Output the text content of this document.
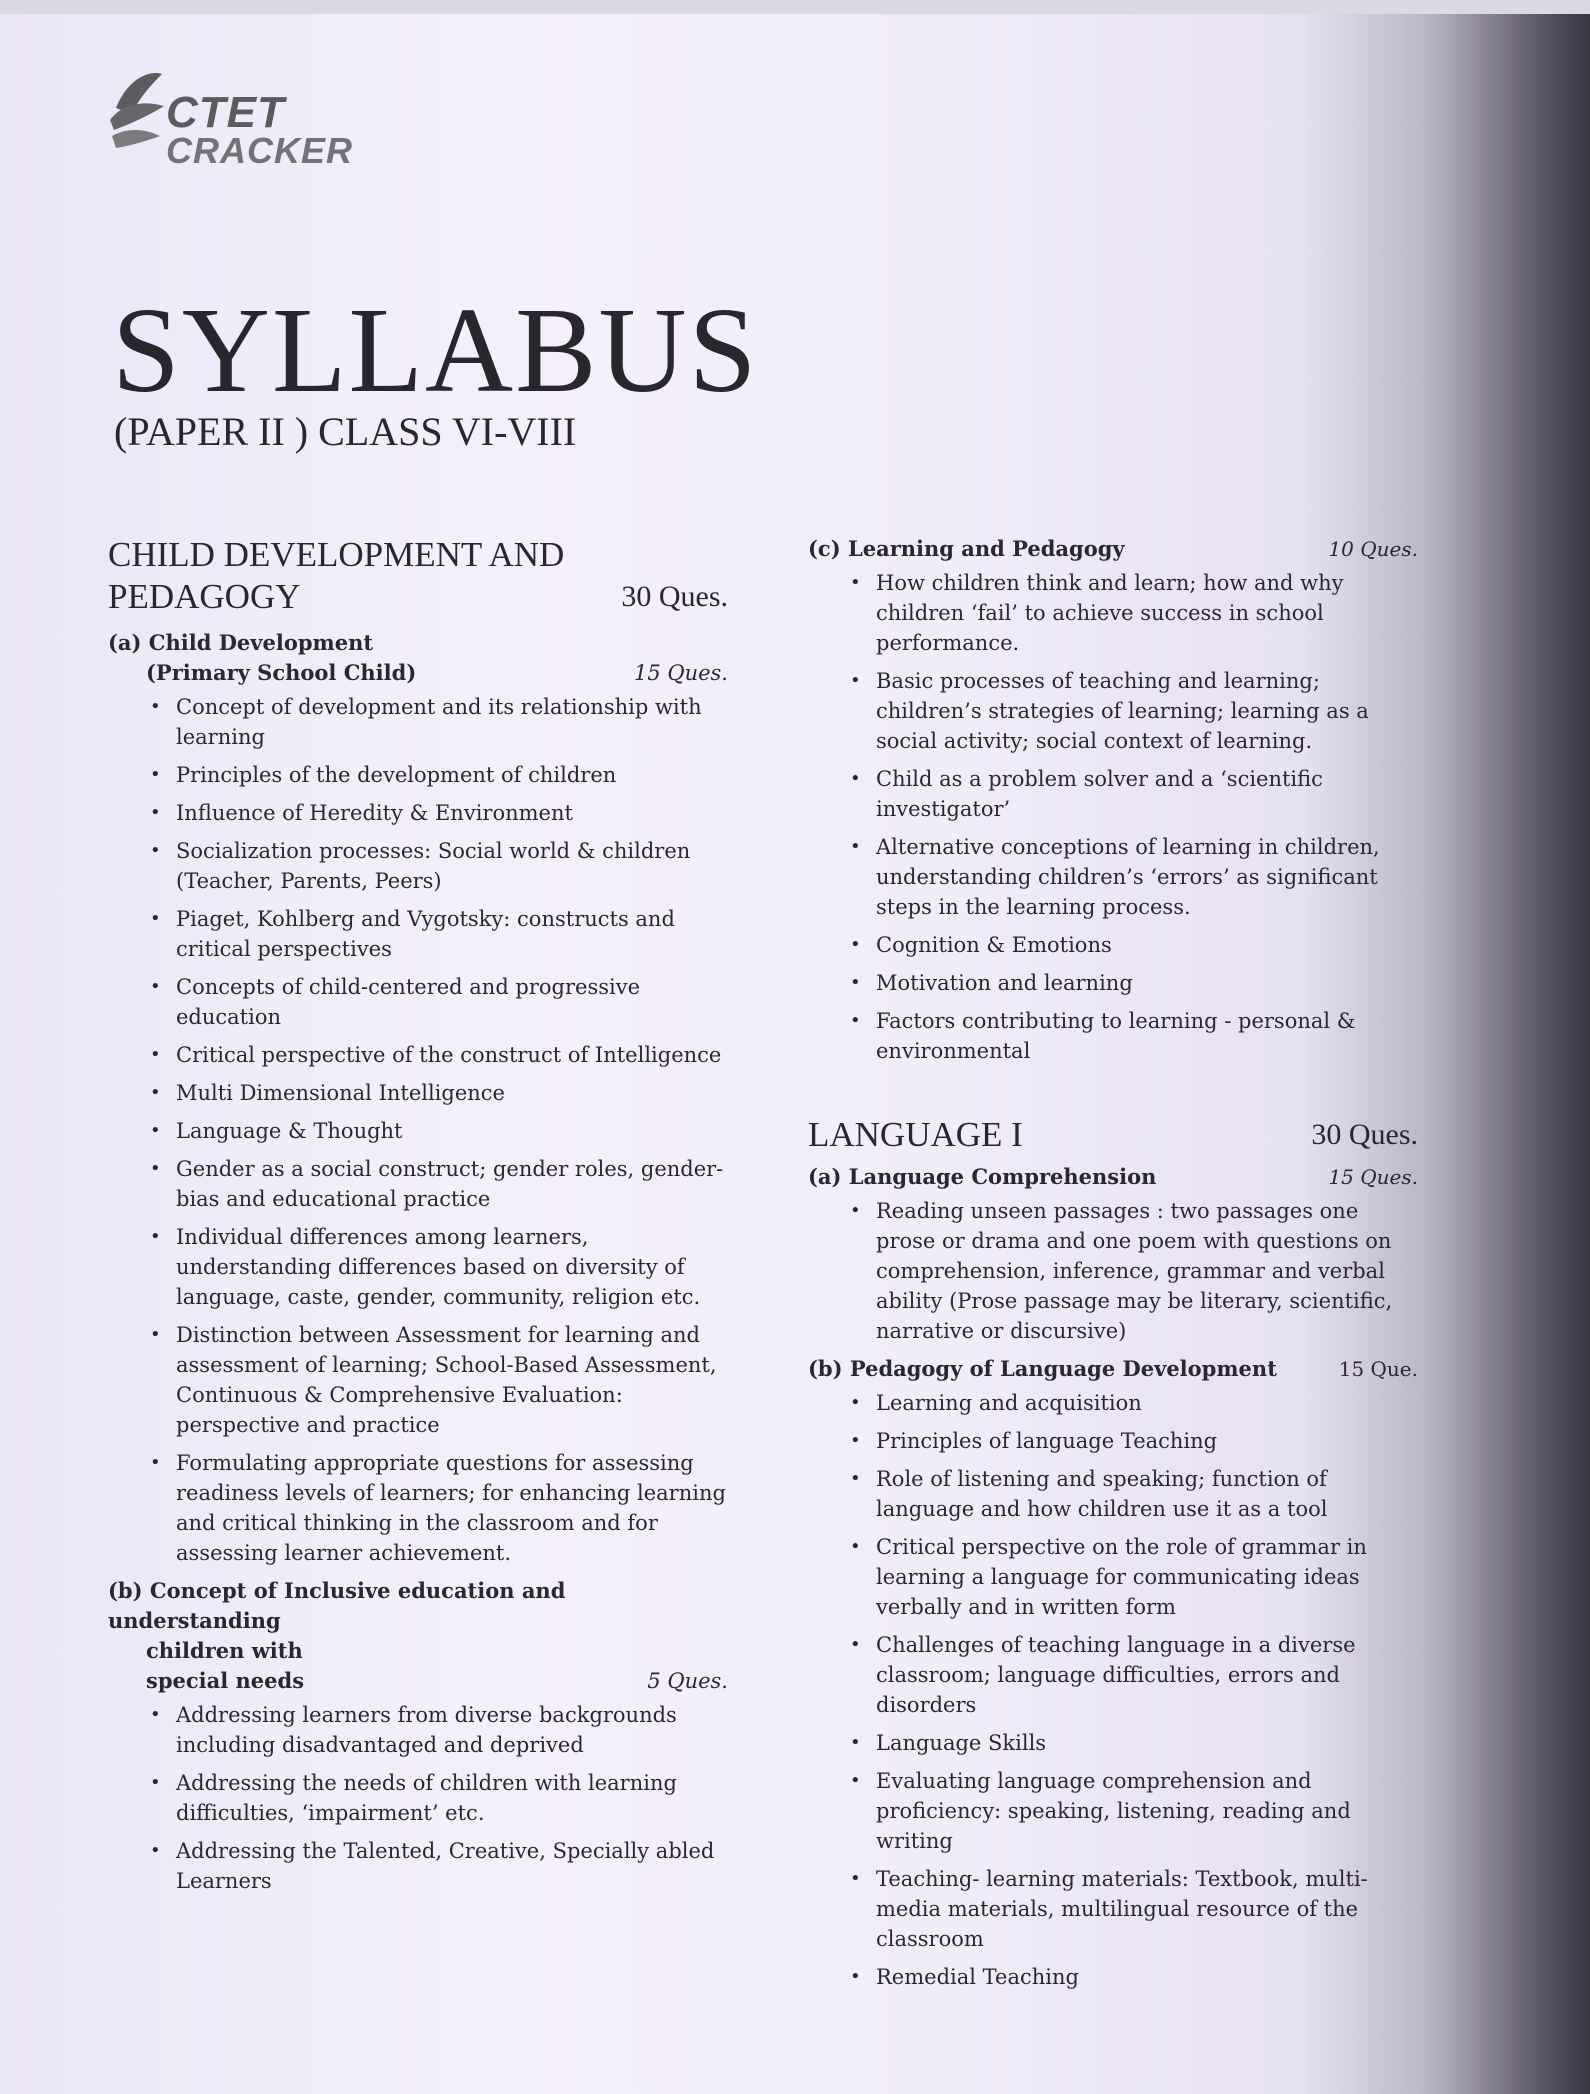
CTET
CRACKER
SYLLABUS
(PAPER II ) CLASS VI-VIII
CHILD DEVELOPMENT AND
PEDAGOGY	30 Ques.
(a) Child Development
(Primary School Child)	15 Ques.
• Concept of development and its relationship with learning
• Principles of the development of children
• Influence of Heredity & Environment
• Socialization processes: Social world & children (Teacher, Parents, Peers)
• Piaget, Kohlberg and Vygotsky: constructs and critical perspectives
• Concepts of child-centered and progressive education
• Critical perspective of the construct of Intelligence
• Multi Dimensional Intelligence
• Language & Thought
• Gender as a social construct; gender roles, gender-bias and educational practice
• Individual differences among learners, understanding differences based on diversity of language, caste, gender, community, religion etc.
• Distinction between Assessment for learning and assessment of learning; School-Based Assessment, Continuous & Comprehensive Evaluation: perspective and practice
• Formulating appropriate questions for assessing readiness levels of learners; for enhancing learning and critical thinking in the classroom and for assessing learner achievement.
(b) Concept of Inclusive education and understanding
children with
special needs	5 Ques.
• Addressing learners from diverse backgrounds including disadvantaged and deprived
• Addressing the needs of children with learning difficulties, ‘impairment’ etc.
• Addressing the Talented, Creative, Specially abled Learners
(c) Learning and Pedagogy	10 Ques.
• How children think and learn; how and why children ‘fail’ to achieve success in school performance.
• Basic processes of teaching and learning; children’s strategies of learning; learning as a social activity; social context of learning.
• Child as a problem solver and a ‘scientific investigator’
• Alternative conceptions of learning in children, understanding children’s ‘errors’ as significant steps in the learning process.
• Cognition & Emotions
• Motivation and learning
• Factors contributing to learning - personal & environmental
LANGUAGE I	30 Ques.
(a) Language Comprehension	15 Ques.
• Reading unseen passages : two passages one prose or drama and one poem with questions on comprehension, inference, grammar and verbal ability (Prose passage may be literary, scientific, narrative or discursive)
(b) Pedagogy of Language Development	15 Que.
• Learning and acquisition
• Principles of language Teaching
• Role of listening and speaking; function of language and how children use it as a tool
• Critical perspective on the role of grammar in learning a language for communicating ideas verbally and in written form
• Challenges of teaching language in a diverse classroom; language difficulties, errors and disorders
• Language Skills
• Evaluating language comprehension and proficiency: speaking, listening, reading and writing
• Teaching- learning materials: Textbook, multi-media materials, multilingual resource of the classroom
• Remedial Teaching
